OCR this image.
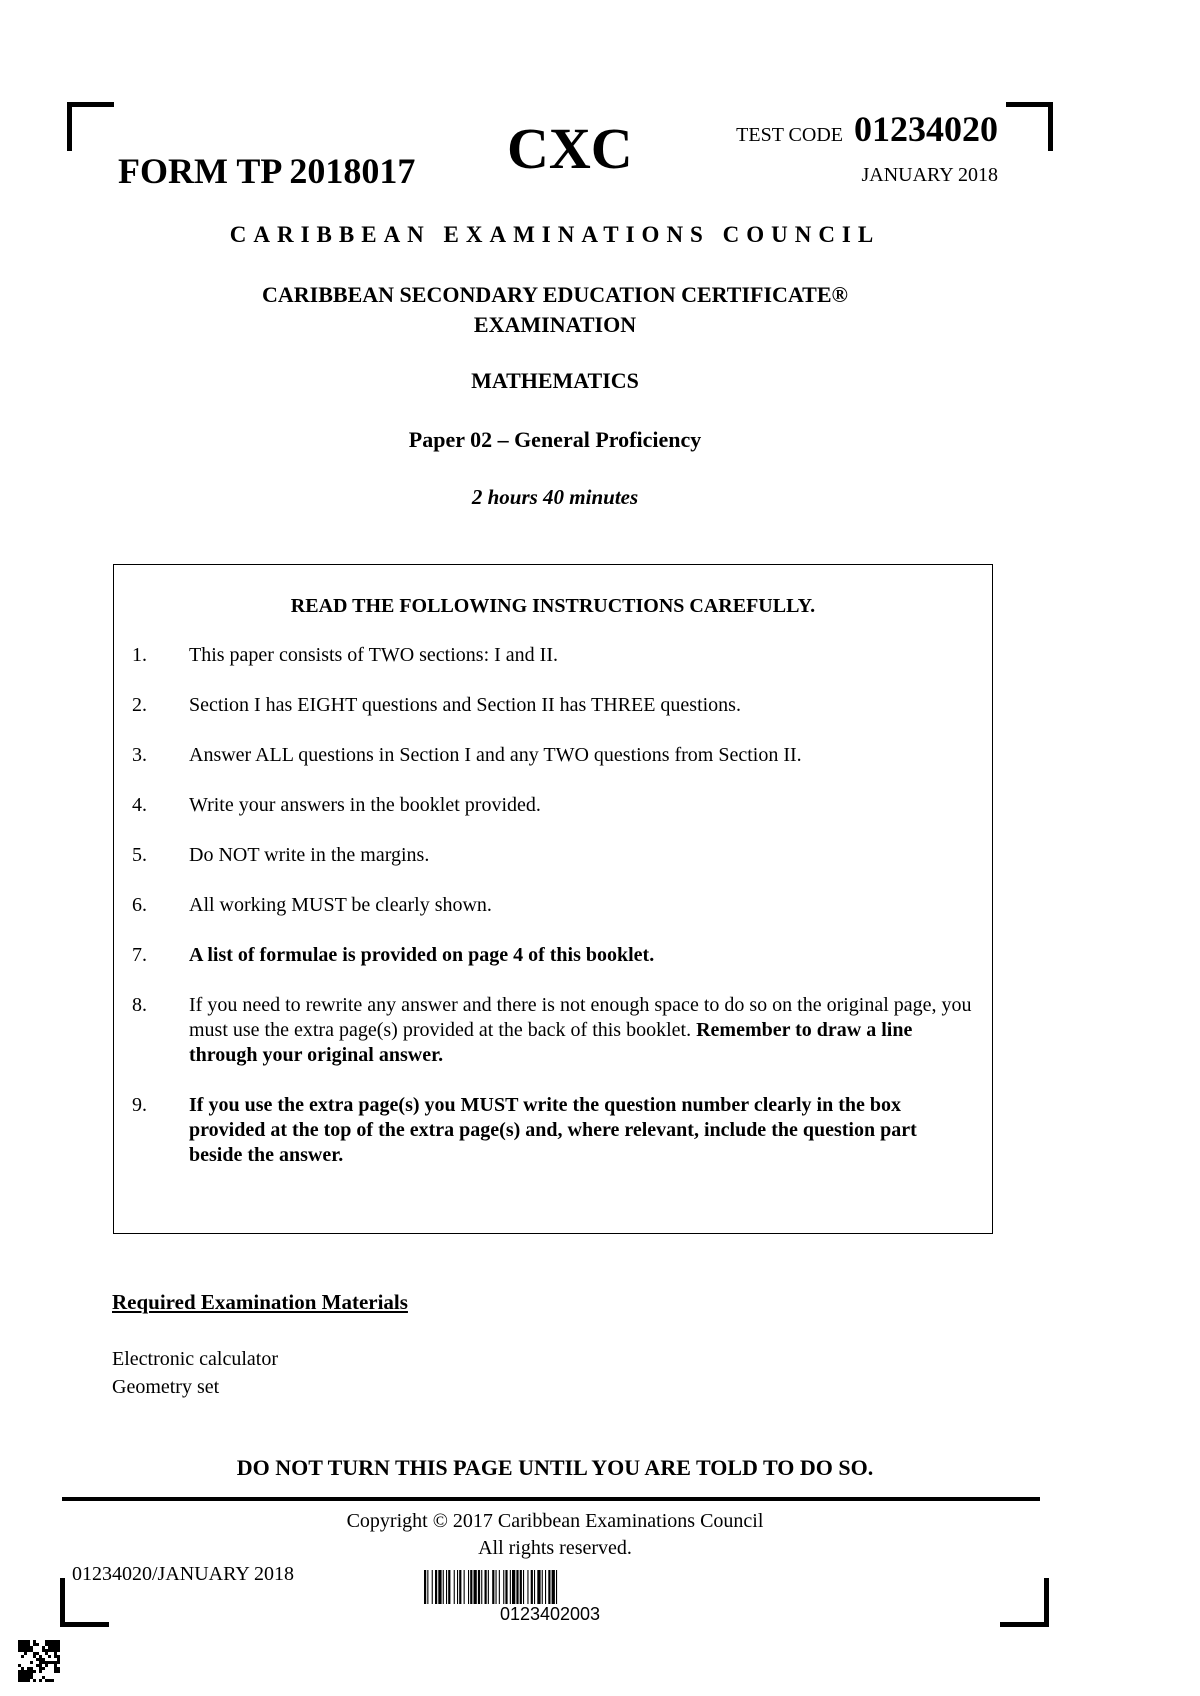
FORM TP 2018017 CXC	TEST CODE 01234020
JANUARY 2018
CARIBBEAN EXAMINATIONS COUNCIL
CARIBBEAN SECONDARY EDUCATION CERTIFICATE®
EXAMINATION
MATHEMATICS
Paper 02 – General Proficiency
2 hours 40 minutes
READ THE FOLLOWING INSTRUCTIONS CAREFULLY.
1.	This paper consists of TWO sections: I and II.
2.	Section I has EIGHT questions and Section II has THREE questions.
3.	Answer ALL questions in Section I and any TWO questions from Section II.
4.	Write your answers in the booklet provided.
5.	Do NOT write in the margins.
6.	All working MUST be clearly shown.
7.	A list of formulae is provided on page 4 of this booklet.
8.	If you need to rewrite any answer and there is not enough space to do so on the original page, you must use the extra page(s) provided at the back of this booklet. Remember to draw a line through your original answer.
9.	If you use the extra page(s) you MUST write the question number clearly in the box provided at the top of the extra page(s) and, where relevant, include the question part beside the answer.
Required Examination Materials
Electronic calculator
Geometry set
DO NOT TURN THIS PAGE UNTIL YOU ARE TOLD TO DO SO.
Copyright © 2017 Caribbean Examinations Council
All rights reserved.
01234020/JANUARY 2018
0123402003
